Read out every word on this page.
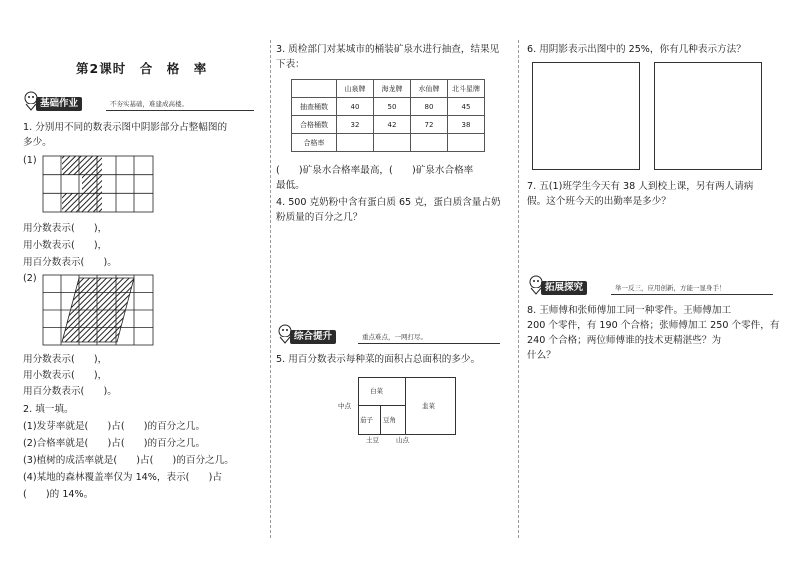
第2课时　合　格　率
基础作业	不夯实基础，难建成高楼。
1. 分别用不同的数表示图中阴影部分占整幅图的
多少。
(1)
用分数表示(　　)，
用小数表示(　　)，
用百分数表示(　　)。
(2)
用分数表示(　　)，
用小数表示(　　)，
用百分数表示(　　)。
2. 填一填。
(1)发芽率就是(　　)占(　　)的百分之几。
(2)合格率就是(　　)占(　　)的百分之几。
(3)植树的成活率就是(　　)占(　　)的百分之几。
(4)某地的森林覆盖率仅为 14%，表示(　　)占
(　　)的 14%。
3. 质检部门对某城市的桶装矿泉水进行抽查，结果见
下表：
	山泉牌	海龙牌	水仙牌	北斗星牌
抽查桶数	40	50	80	45
合格桶数	32	42	72	38
合格率				
(　　)矿泉水合格率最高，(　　)矿泉水合格率
最低。
4. 500 克奶粉中含有蛋白质 65 克，蛋白质含量占奶
粉质量的百分之几？
综合提升	重点难点，一网打尽。
5. 用百分数表示每种菜的面积占总面积的多少。
白菜
茄子 豆角
韭菜
中点
土豆	山点
6. 用阴影表示出图中的 25%，你有几种表示方法？
7. 五(1)班学生今天有 38 人到校上课，另有两人请病
假。这个班今天的出勤率是多少？
拓展探究	举一反三，应用创新，方能一显身手！
8. 王师傅和张师傅加工同一种零件。王师傅加工
200 个零件，有 190 个合格；张师傅加工 250 个零件，有
240 个合格；两位师傅谁的技术更精湛些？为
什么？
